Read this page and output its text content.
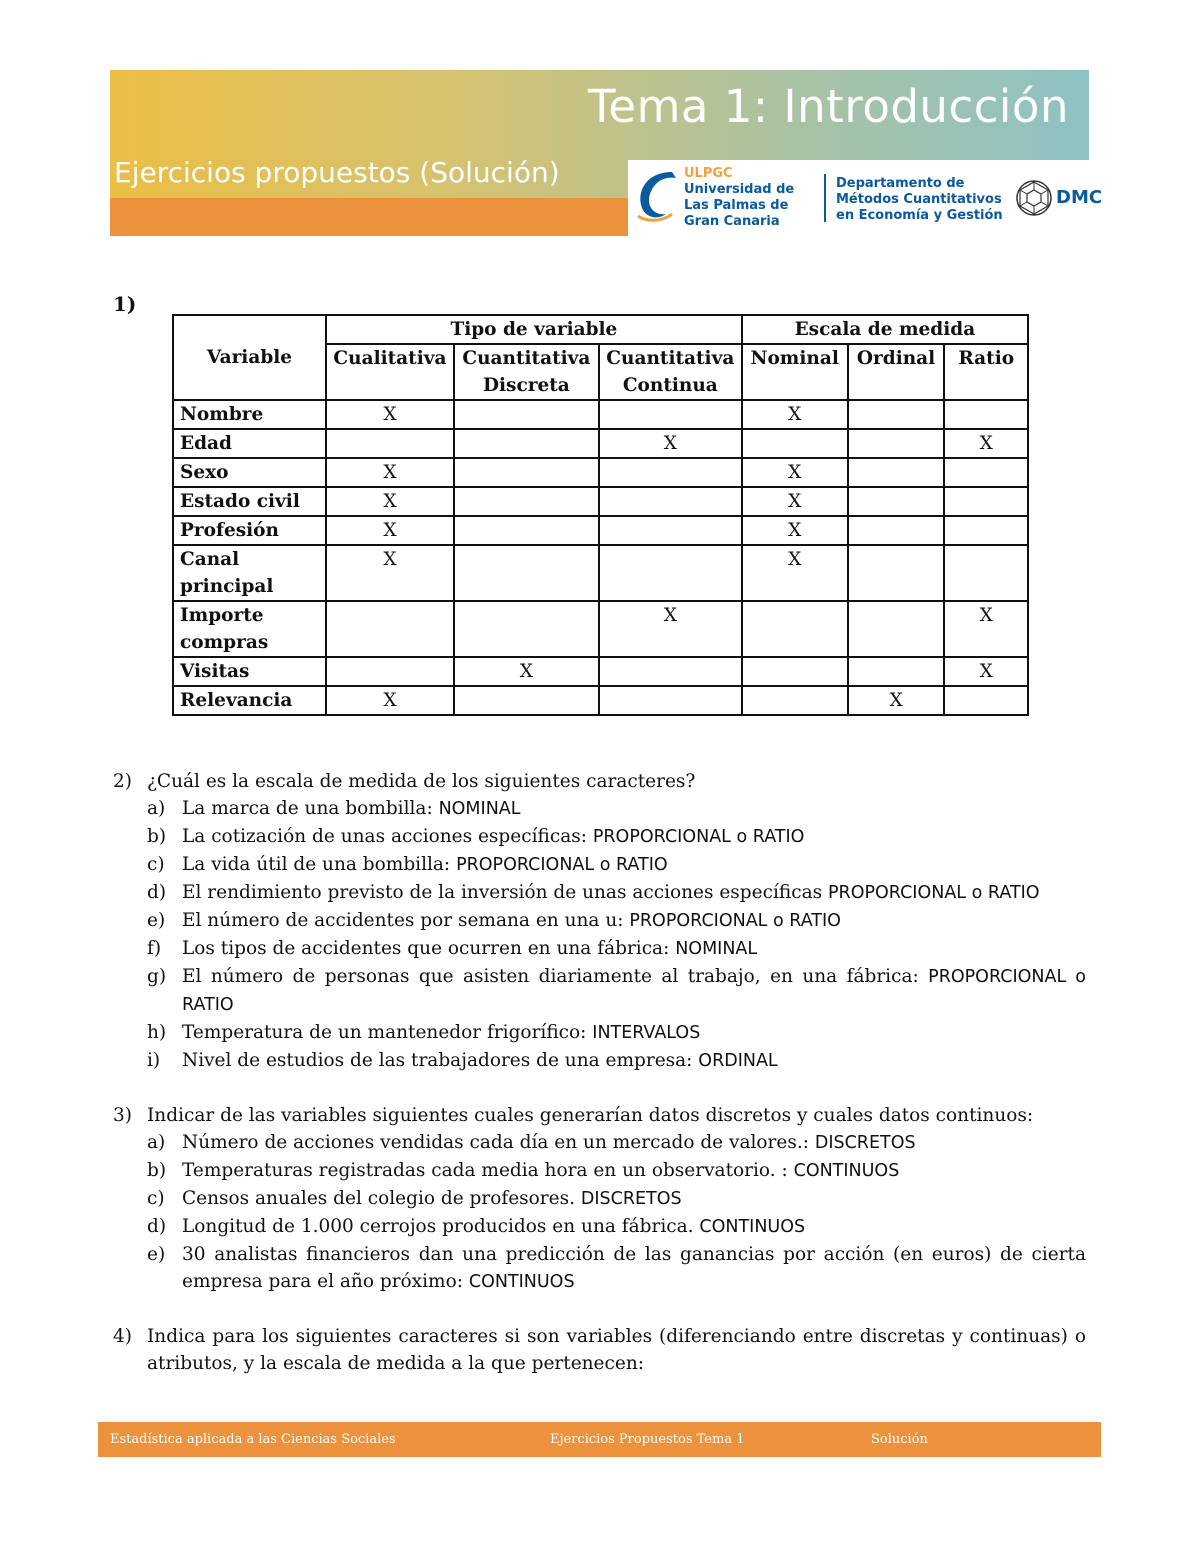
Tema 1: Introducción
Ejercicios propuestos (Solución)	ULPGC
Universidad de
Las Palmas de
Gran Canaria
Departamento de
Métodos Cuantitativos
en Economía y Gestión
DMC
1)
Variable	Tipo de variable			Escala de medida		
	Cualitativa	Cuantitativa Discreta	Cuantitativa Continua	Nominal	Ordinal	Ratio
Nombre	X			X		
Edad			X			X
Sexo	X			X		
Estado civil	X			X		
Profesión	X			X		
Canal principal	X			X		
Importe compras			X			X
Visitas		X				X
Relevancia	X				X	
2) ¿Cuál es la escala de medida de los siguientes caracteres?
a) La marca de una bombilla: NOMINAL
b) La cotización de unas acciones específicas: PROPORCIONAL o RATIO
c) La vida útil de una bombilla: PROPORCIONAL o RATIO
d) El rendimiento previsto de la inversión de unas acciones específicas PROPORCIONAL o RATIO
e) El número de accidentes por semana en una u: PROPORCIONAL o RATIO
f)	Los tipos de accidentes que ocurren en una fábrica: NOMINAL
g) El número de personas que asisten diariamente al trabajo, en una fábrica: PROPORCIONAL o RATIO
h) Temperatura de un mantenedor frigorífico: INTERVALOS
i)	Nivel de estudios de las trabajadores de una empresa: ORDINAL
3) Indicar de las variables siguientes cuales generarían datos discretos y cuales datos continuos:
a) Número de acciones vendidas cada día en un mercado de valores.: DISCRETOS
b) Temperaturas registradas cada media hora en un observatorio. : CONTINUOS
c) Censos anuales del colegio de profesores. DISCRETOS
d) Longitud de 1.000 cerrojos producidos en una fábrica. CONTINUOS
e) 30 analistas financieros dan una predicción de las ganancias por acción (en euros) de cierta empresa para el año próximo: CONTINUOS
4) Indica para los siguientes caracteres si son variables (diferenciando entre discretas y continuas) o atributos, y la escala de medida a la que pertenecen:
Estadística aplicada a las Ciencias Sociales	Ejercicios Propuestos Tema 1	Solución
